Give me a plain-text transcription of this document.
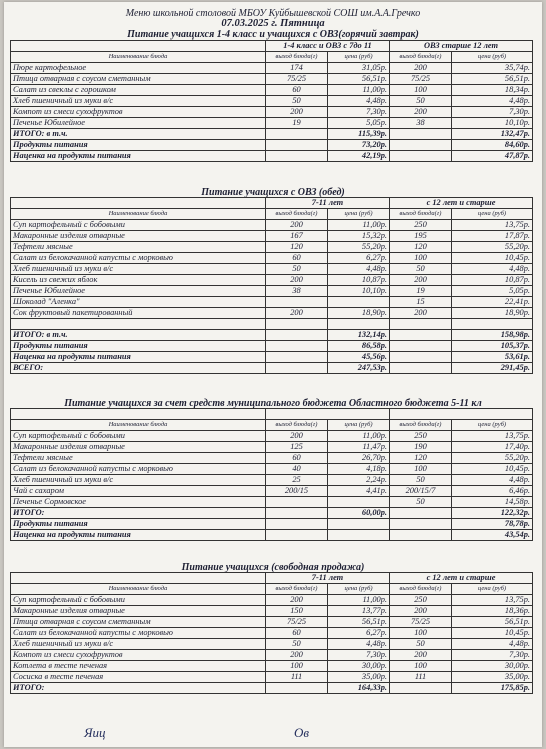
Меню школьной столовой МБОУ Куйбышевской СОШ им.А.А.Гречко
07.03.2025 г. Пятница
Питание учащихся 1-4 класс и учащихся с ОВЗ(горячий завтрак)
	1-4 класс и ОВЗ с 7до 11		ОВЗ старше 12 лет	
Наименование блюда	выход блюда(г)	цена (руб)	выход блюда(г)	цена (руб)
Пюре картофельное	174	31,05р.	200	35,74р.
Птица отварная с соусом сметанным	75/25	56,51р.	75/25	56,51р.
Салат из свеклы с горошком	60	11,00р.	100	18,34р.
Хлеб пшеничный из муки в/с	50	4,48р.	50	4,48р.
Компот из смеси сухофруктов	200	7,30р.	200	7,30р.
Печенье Юбилейное	19	5,05р.	38	10,10р.
ИТОГО: в т.ч.		115,39р.		132,47р.
Продукты питания		73,20р.		84,60р.
Наценка на продукты питания		42,19р.		47,87р.
Питание учащихся с ОВЗ (обед)
	7-11 лет		с 12 лет и старше	
Наименование блюда	выход блюда(г)	цена (руб)	выход блюда(г)	цена (руб)
Суп картофельный с бобовыми	200	11,00р.	250	13,75р.
Макаронные изделия отварные	167	15,32р.	195	17,87р.
Тефтели мясные	120	55,20р.	120	55,20р.
Салат из белокачанной капусты с морковью	60	6,27р.	100	10,45р.
Хлеб пшеничный из муки в/с	50	4,48р.	50	4,48р.
Кисель из свежих яблок	200	10,87р.	200	10,87р.
Печенье Юбилейное	38	10,10р.	19	5,05р.
Шоколад "Аленка"			15	22,41р.
Сок фруктовый пакетированный	200	18,90р.	200	18,90р.

ИТОГО: в т.ч.		132,14р.		158,98р.
Продукты питания		86,58р.		105,37р.
Наценка на продукты питания		45,56р.		53,61р.
ВСЕГО:		247,53р.		291,45р.
Питание учащихся за счет средств муниципального бюджета Областного бюджета 5-11 кл

Наименование блюда	выход блюда(г)	цена (руб)	выход блюда(г)	цена (руб)
Суп картофельный с бобовыми	200	11,00р.	250	13,75р.
Макаронные изделия отварные	125	11,47р.	190	17,40р.
Тефтели мясные	60	26,70р.	120	55,20р.
Салат из белокачанной капусты с морковью	40	4,18р.	100	10,45р.
Хлеб пшеничный из муки в/с	25	2,24р.	50	4,48р.
Чай с сахаром	200/15	4,41р.	200/15/7	6,46р.
Печенье Сормовское			50	14,58р.
ИТОГО:		60,00р.		122,32р.
Продукты питания				78,78р.
Наценка на продукты питания				43,54р.
Питание учащихся (свободная продажа)
	7-11 лет		с 12 лет и старше	
Наименование блюда	выход блюда(г)	цена (руб)	выход блюда(г)	цена (руб)
Суп картофельный с бобовыми	200	11,00р.	250	13,75р.
Макаронные изделия отварные	150	13,77р.	200	18,36р.
Птица отварная с соусом сметанным	75/25	56,51р.	75/25	56,51р.
Салат из белокачанной капусты с морковью	60	6,27р.	100	10,45р.
Хлеб пшеничный из муки в/с	50	4,48р.	50	4,48р.
Компот из смеси сухофруктов	200	7,30р.	200	7,30р.
Котлета в тесте печеная	100	30,00р.	100	30,00р.
Сосиска в тесте печеная	111	35,00р.	111	35,00р.
ИТОГО:		164,33р.		175,85р.
Яиц	Ов
